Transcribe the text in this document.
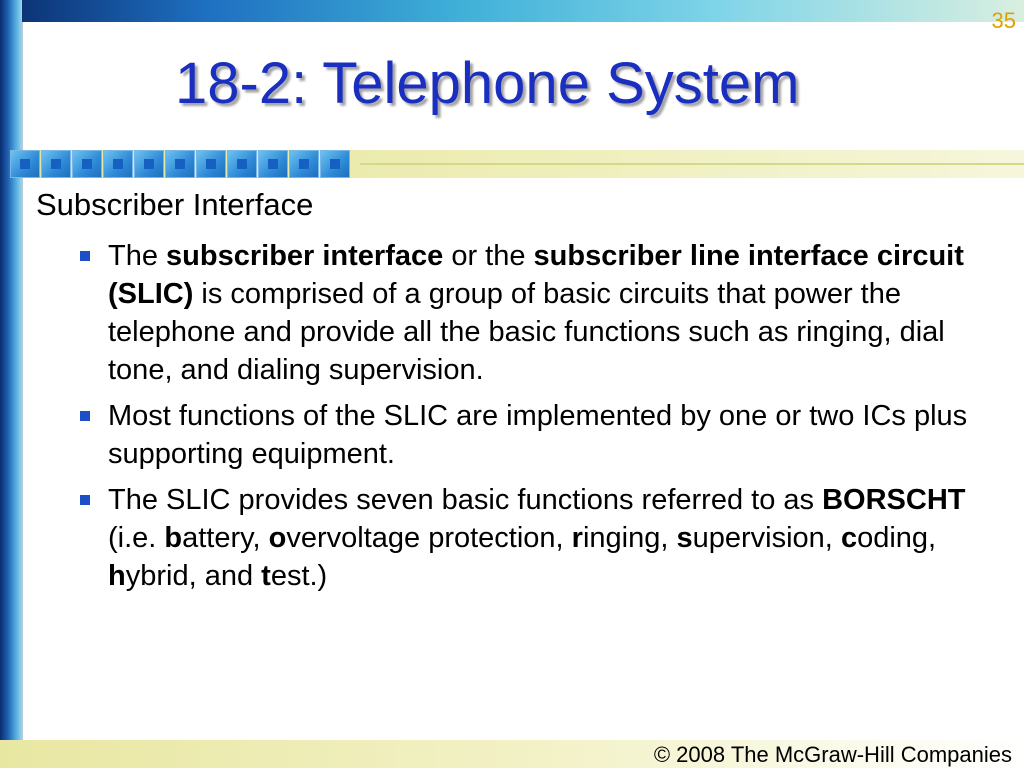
35
18-2: Telephone System
Subscriber Interface
The subscriber interface or the subscriber line interface circuit (SLIC) is comprised of a group of basic circuits that power the telephone and provide all the basic functions such as ringing, dial tone, and dialing supervision.
Most functions of the SLIC are implemented by one or two ICs plus supporting equipment.
The SLIC provides seven basic functions referred to as BORSCHT (i.e. battery, overvoltage protection, ringing, supervision, coding, hybrid, and test.)
© 2008 The McGraw-Hill Companies
